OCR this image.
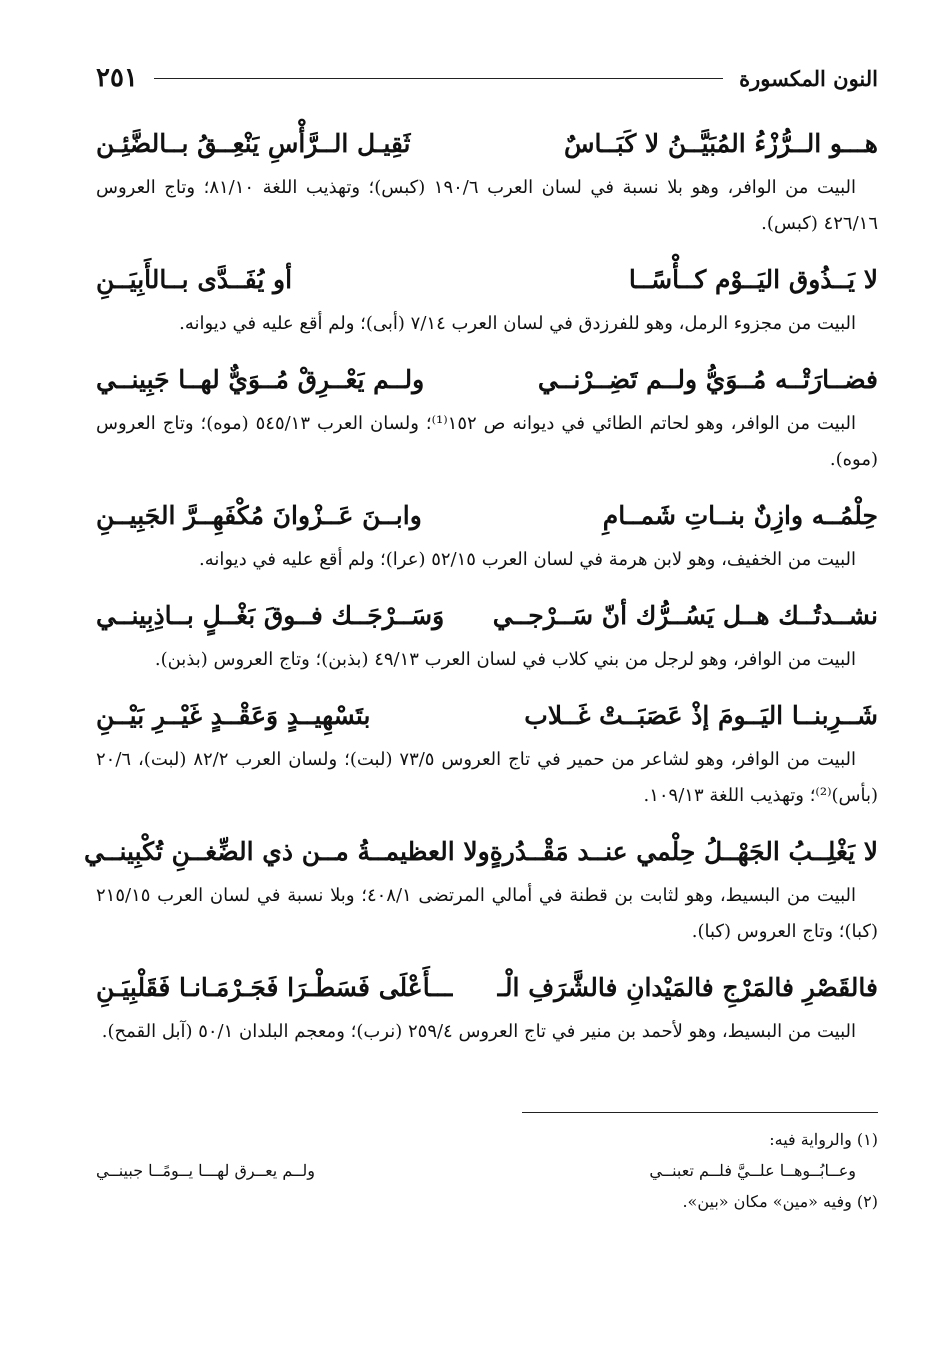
النون المكسورة
٢٥١
هـــو الــرُّزْءُ المُبَيَّــنُ لا كَبَــاسٌ
ثَقِيـل الــرَّأْسِ يَنْعِــقُ بــالضَّئِـن

البيت من الوافر، وهو بلا نسبة في لسان العرب ١٩٠/٦ (كبس)؛ وتهذيب اللغة ٨١/١٠؛ وتاج العروس ٤٢٦/١٦ (كبس).

لا يَــذُوق اليَــوْم كــأْسًــا
أو يُفَــدَّى بــالأَبِيَــنِ

البيت من مجزوء الرمل، وهو للفرزدق في لسان العرب ٧/١٤ (أبى)؛ ولم أقع عليه في ديوانه.

فضــارَتْــه مُــوَيُّ ولــم تَضِــرْنــي
ولــم يَعْــرِقْ مُــوَيٌّ لهــا جَبِينــي

البيت من الوافر، وهو لحاتم الطائي في ديوانه ص ١٥٢⁽¹⁾؛ ولسان العرب ٥٤٥/١٣ (موه)؛ وتاج العروس (موه).

حِلْمُــه وازِنٌ بنــاتِ شَمــامِ
وابــنَ عَــزْوانَ مُكْفَهِــرَّ الجَبِيــنِ

البيت من الخفيف، وهو لابن هرمة في لسان العرب ٥٢/١٥ (عرا)؛ ولم أقع عليه في ديوانه.

نشــدتُــك هــل يَسُــرُّك أنّ سَــرْجــي
وَسَــرْجَــك فــوقَ بَغْــلٍ بــاذِبِينــي

البيت من الوافر، وهو لرجل من بني كلاب في لسان العرب ٤٩/١٣ (بذبن)؛ وتاج العروس (بذبن).

شَــرِبنــا اليَــومَ إذْ عَصَبَــتْ غَــلاب
بتَسْهِيــدٍ وَعَقْــدٍ غَيْــرِ بَيْــنِ

البيت من الوافر، وهو لشاعر من حمير في تاج العروس ٧٣/٥ (لبت)؛ ولسان العرب ٨٢/٢ (لبت)، ٢٠/٦ (بأس)⁽²⁾؛ وتهذيب اللغة ١٠٩/١٣.

لا يَغْلِــبُ الجَهْــلُ حِلْمي عنــد مَقْــدُرةٍ
ولا العظيمــةُ مــن ذي الضِّغــنِ تُكْبِينــي

البيت من البسيط، وهو لثابت بن قطنة في أمالي المرتضى ٤٠٨/١؛ وبلا نسبة في لسان العرب ٢١٥/١٥ (كبا)؛ وتاج العروس (كبا).

فالقَصْرِ فالمَرْجِ فالمَيْدانِ فالشَّرَفِ الْـ
ـــأَعْلَى فَسَطْـرَا فَجَـرْمَـانـا فَقَلْبِيَـنِ

البيت من البسيط، وهو لأحمد بن منير في تاج العروس ٢٥٩/٤ (نرب)؛ ومعجم البلدان ٥٠/١ (آبل القمح).

(١) والرواية فيه:

وعــابُــوهــا علــيَّ فلــم تعبنــي
ولــم يعــرق لهـــا يــومًــا جبينــي

(٢) وفيه «مين» مكان «بين».
